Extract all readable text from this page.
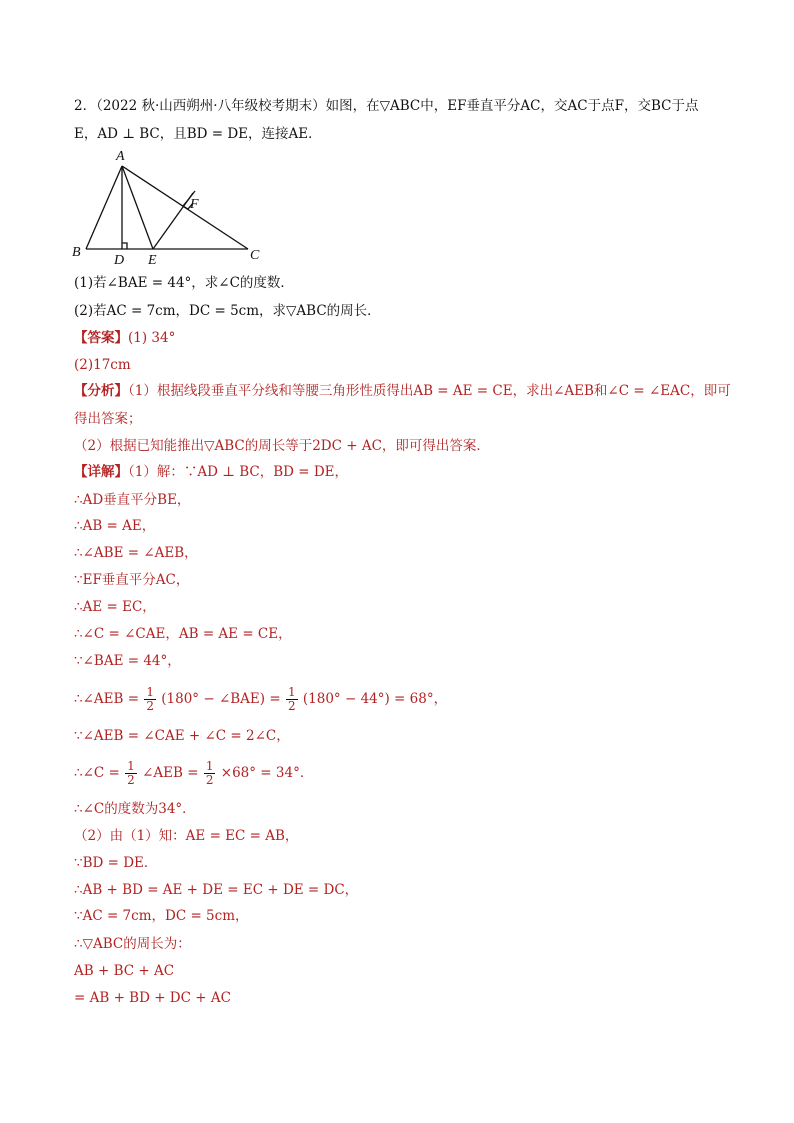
2．（2022 秋·山西朔州·八年级校考期末）如图，在▽ABC中，EF垂直平分AC，交AC于点F，交BC于点
E，AD ⊥ BC，且BD = DE，连接AE．
A
B	C
D E
F
(1)若∠BAE = 44°，求∠C的度数．
(2)若AC = 7cm，DC = 5cm，求▽ABC的周长．
【答案】(1) 34°
(2)17cm
【分析】（1）根据线段垂直平分线和等腰三角形性质得出AB = AE = CE，求出∠AEB和∠C = ∠EAC，即可
得出答案；
（2）根据已知能推出▽ABC的周长等于2DC + AC，即可得出答案．
【详解】（1）解：∵AD ⊥ BC，BD = DE，
∴AD垂直平分BE，
∴AB = AE，
∴∠ABE = ∠AEB，
∵EF垂直平分AC，
∴AE = EC，
∴∠C = ∠CAE，AB = AE = CE，
∵∠BAE = 44°，
∴∠AEB = $\frac{1}{2} (180^\circ$ − ∠BAE) = $\frac{1}{2} (180^\circ - 44^\circ) = 68^\circ$，
∵∠AEB = ∠CAE + ∠C = 2∠C，
∴∠C = $\frac{1}{2}$ ∠AEB = $\frac{1}{2} \times 68^\circ = 34^\circ$．
∴∠C的度数为34°．
（2）由（1）知：AE = EC = AB，
∵BD = DE．
∴AB + BD = AE + DE = EC + DE = DC，
∵AC = 7cm，DC = 5cm，
∴▽ABC的周长为：
AB + BC + AC
= AB + BD + DC + AC
